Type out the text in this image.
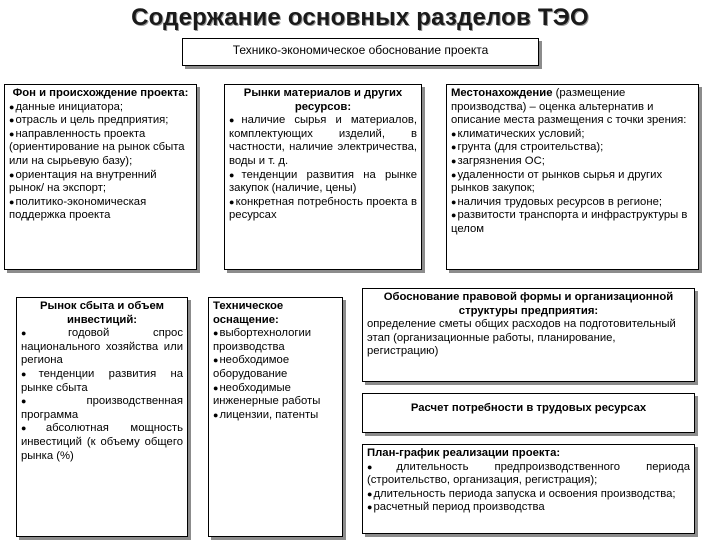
Содержание основных разделов ТЭО
Технико-экономическое обоснование проекта
Фон и происхождение проекта:
●данные инициатора;
●отрасль и цель предприятия;
●направленность проекта (ориентирование на рынок сбыта или на сырьевую базу);
●ориентация на внутренний рынок/ на экспорт;
●политико-экономическая поддержка проекта
Рынки материалов и других ресурсов:
●наличие сырья и материалов, комплектующих изделий, в частности, наличие электричества, воды и т. д.
●тенденции развития на рынке закупок (наличие, цены)
●конкретная потребность проекта в ресурсах
Местонахождение (размещение производства) – оценка альтернатив и описание места размещения с точки зрения:
●климатических условий;
●грунта (для строительства);
●загрязнения ОС;
●удаленности от рынков сырья и других рынков закупок;
●наличия трудовых ресурсов в регионе;
●развитости транспорта и инфраструктуры в целом
Рынок сбыта и объем инвестиций:
●годовой спрос национального хозяйства или региона
●тенденции развития на рынке сбыта
●производственная программа
●абсолютная мощность инвестиций (к объему общего рынка (%)
Техническое оснащение:
●выбортехнологии производства
●необходимое оборудование
●необходимые инженерные работы
●лицензии, патенты
Обоснование правовой формы и организационной структуры предприятия:
определение сметы общих расходов на подготовительный этап (организационные работы, планирование, регистрацию)
Расчет потребности в трудовых ресурсах
План-график реализации проекта:
●длительность предпроизводственного периода (строительство, организация, регистрация);
●длительность периода запуска и освоения производства;
●расчетный период производства
